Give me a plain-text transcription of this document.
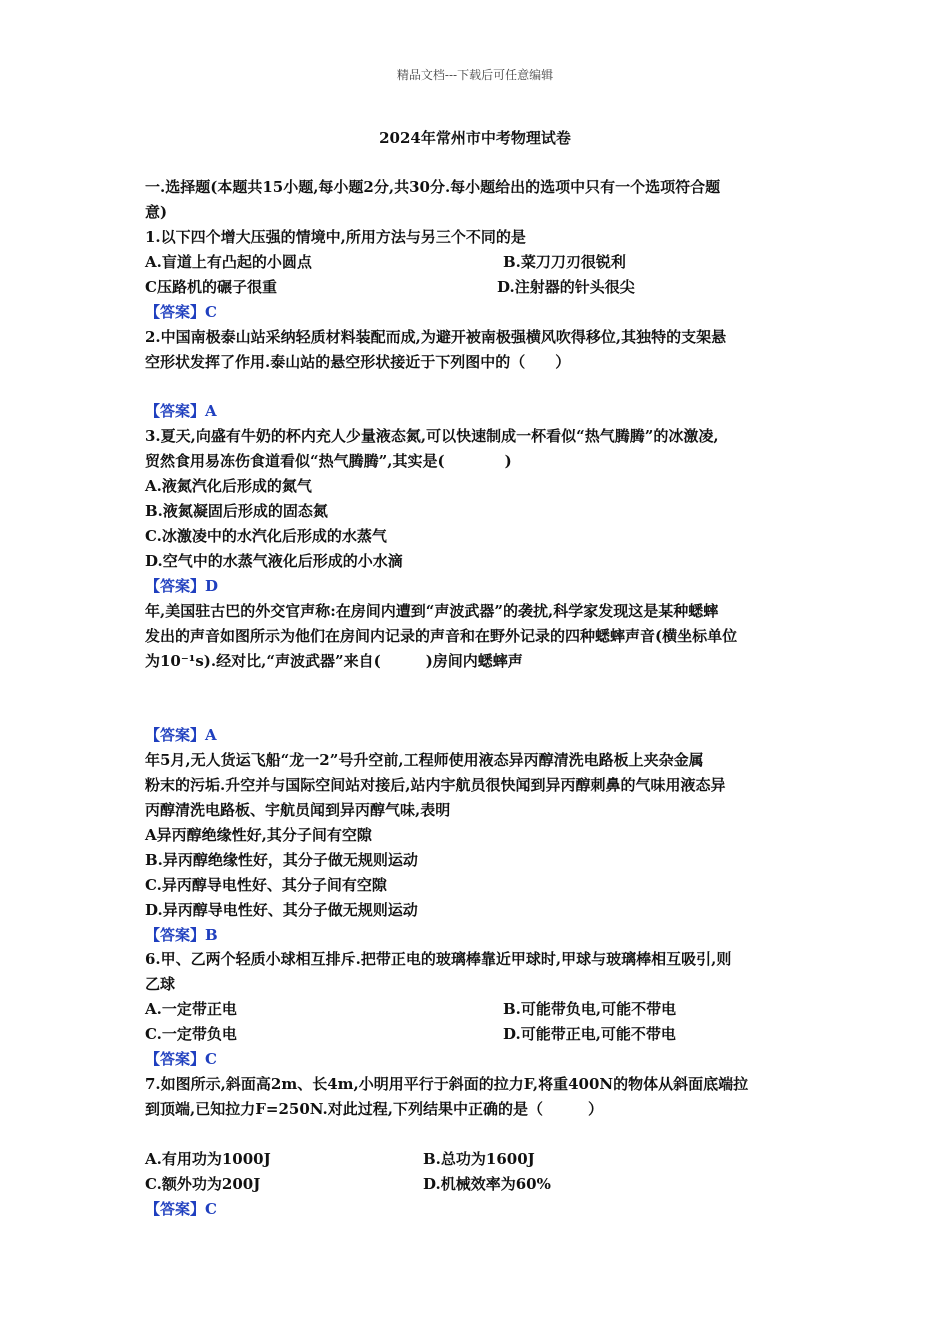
精品文档---下载后可任意编辑
2024年常州市中考物理试卷
一.选择题(本题共15小题,每小题2分,共30分.每小题给出的选项中只有一个选项符合题
意)
1.以下四个增大压强的情境中,所用方法与另三个不同的是
A.盲道上有凸起的小圆点	B.菜刀刀刃很锐利
C压路机的碾子很重	D.注射器的针头很尖
【答案】C
2.中国南极泰山站采纳轻质材料装配而成,为避开被南极强横风吹得移位,其独特的支架悬
空形状发挥了作用.泰山站的悬空形状接近于下列图中的（　　）
【答案】A
3.夏天,向盛有牛奶的杯内充人少量液态氮,可以快速制成一杯看似“热气腾腾”的冰激凌,
贸然食用易冻伤食道看似“热气腾腾”,其实是(　　　　)
A.液氮汽化后形成的氮气
B.液氮凝固后形成的固态氮
C.冰激凌中的水汽化后形成的水蒸气
D.空气中的水蒸气液化后形成的小水滴
【答案】D
年,美国驻古巴的外交官声称:在房间内遭到“声波武器”的袭扰,科学家发现这是某种蟋蟀
发出的声音如图所示为他们在房间内记录的声音和在野外记录的四种蟋蟀声音(横坐标单位
为10⁻¹s).经对比,“声波武器”来自(　　　)房间内蟋蟀声
【答案】A
年5月,无人货运飞船“龙一2”号升空前,工程师使用液态异丙醇清洗电路板上夹杂金属
粉末的污垢.升空并与国际空间站对接后,站内宇航员很快闻到异丙醇刺鼻的气味用液态异
丙醇清洗电路板、宇航员闻到异丙醇气味,表明
A异丙醇绝缘性好,其分子间有空隙
B.异丙醇绝缘性好，其分子做无规则运动
C.异丙醇导电性好、其分子间有空隙
D.异丙醇导电性好、其分子做无规则运动
【答案】B
6.甲、乙两个轻质小球相互排斥.把带正电的玻璃棒靠近甲球时,甲球与玻璃棒相互吸引,则
乙球
A.一定带正电	B.可能带负电,可能不带电
C.一定带负电	D.可能带正电,可能不带电
【答案】C
7.如图所示,斜面高2m、长4m,小明用平行于斜面的拉力F,将重400N的物体从斜面底端拉
到顶端,已知拉力F=250N.对此过程,下列结果中正确的是（　　　）
A.有用功为1000J	B.总功为1600J
C.额外功为200J	D.机械效率为60%
【答案】C
